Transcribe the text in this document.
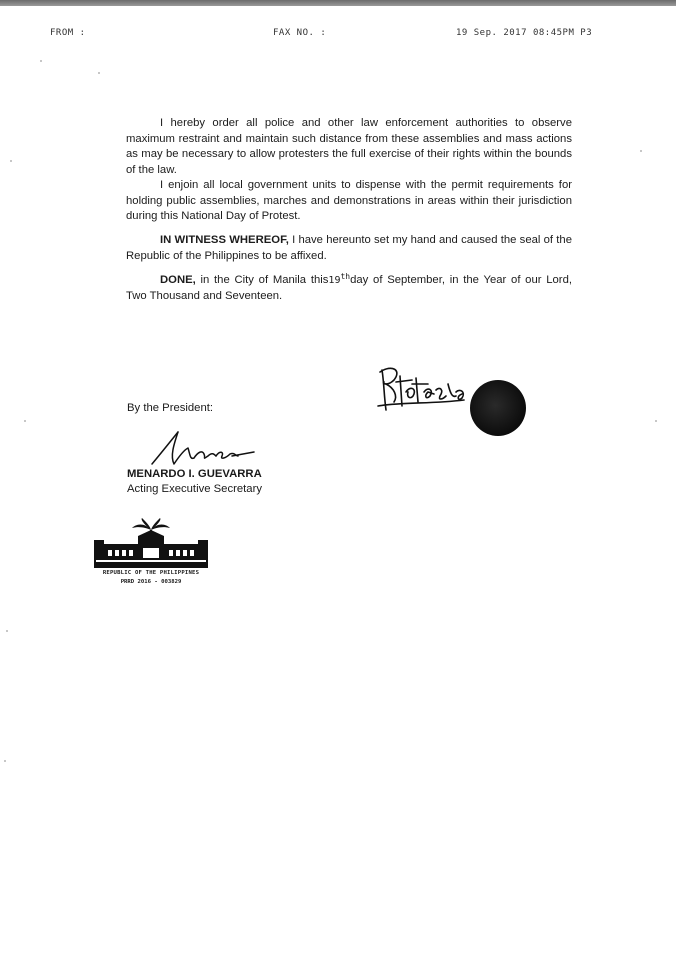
FROM :	FAX NO. :	19 Sep. 2017 08:45PM P3
I hereby order all police and other law enforcement authorities to observe maximum restraint and maintain such distance from these assemblies and mass actions as may be necessary to allow protesters the full exercise of their rights within the bounds of the law.
I enjoin all local government units to dispense with the permit requirements for holding public assemblies, marches and demonstrations in areas within their jurisdiction during this National Day of Protest.
IN WITNESS WHEREOF, I have hereunto set my hand and caused the seal of the Republic of the Philippines to be affixed.
DONE, in the City of Manila this19thday of September, in the Year of our Lord, Two Thousand and Seventeen.
By the President:
MENARDO I. GUEVARRA
Acting Executive Secretary
REPUBLIC OF THE PHILIPPINES
PRRD 2016 - 003829
